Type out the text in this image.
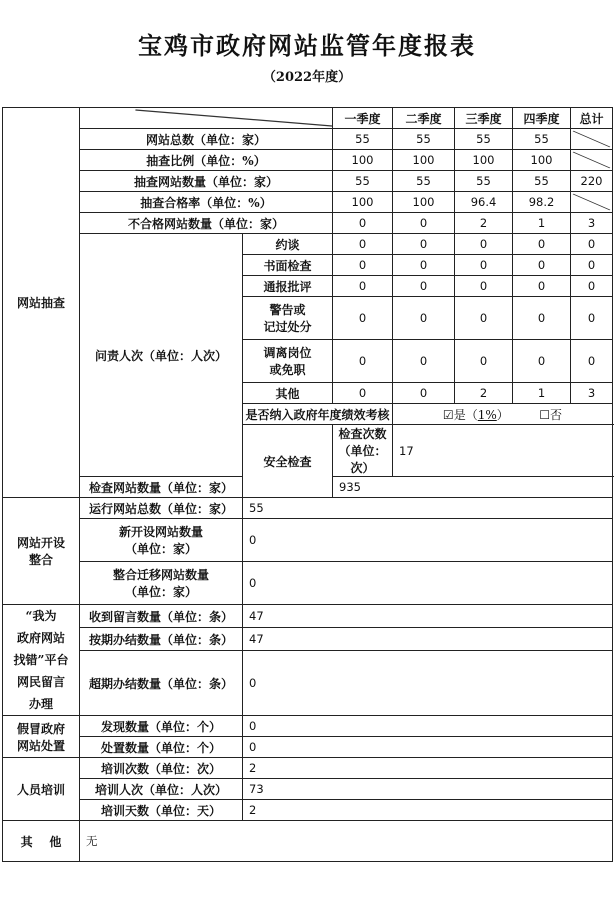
宝鸡市政府网站监管年度报表
（2022年度）
网站抽查			一季度	二季度	三季度	四季度	总计
	网站总数（单位：家）		55	55	55	55	

	抽查比例（单位：%）		100	100	100	100	

	抽查网站数量（单位：家）		55	55	55	55	220
	抽查合格率（单位：%）		100	100	96.4	98.2	

	不合格网站数量（单位：家）		0	0	2	1	3
	问责人次（单位：人次）	约谈	0	0	0	0	0
		书面检查	0	0	0	0	0
		通报批评	0	0	0	0	0

		警告或
记过处分	0	0	0	0	0

		调离岗位
或免职	0	0	0	0	0
		其他	0	0	2	1	3
		是否纳入政府年度绩效考核		☑是（1%） ☐否			
		安全检查	检查次数（单位：次）	17			
	检查网站数量（单位：家）		935				

网站开设
整合	运行网站总数（单位：家）	55					

	新开设网站数量
（单位：家）	0					

	整合迁移网站数量
（单位：家）	0					

“我为
政府网站
找错”平台
网民留言
办理	收到留言数量（单位：条）	47					
	按期办结数量（单位：条）	47					
	超期办结数量（单位：条）	0					

假冒政府
网站处置	发现数量（单位：个）	0					
	处置数量（单位：个）	0					
人员培训	培训次数（单位：次）	2					
	培训人次（单位：人次）	73					
	培训天数（单位：天）	2					
其    他	无						
